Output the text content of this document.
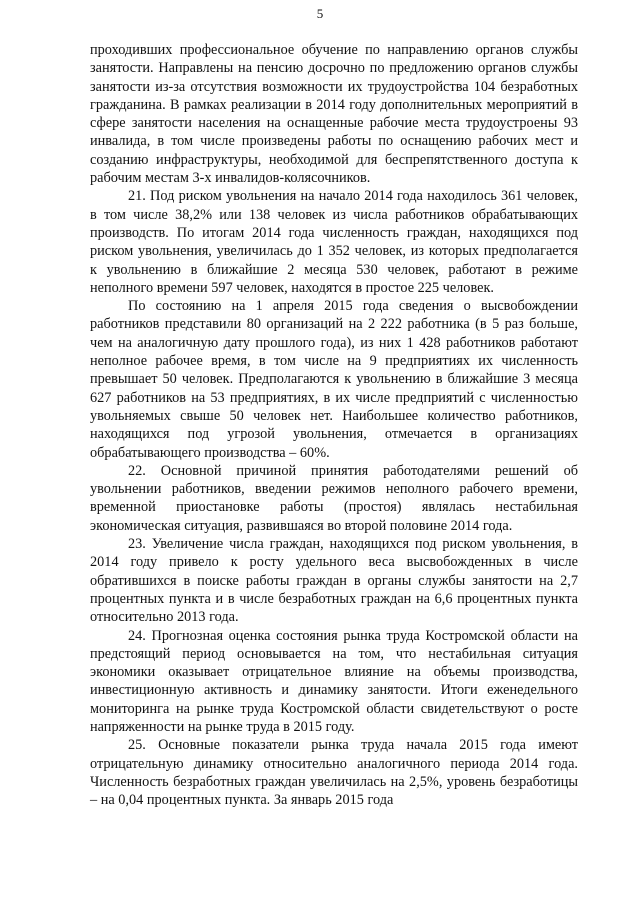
5

проходивших профессиональное обучение по направлению органов службы занятости. Направлены на пенсию досрочно по предложению органов службы занятости из-за отсутствия возможности их трудоустройства 104 безработных гражданина. В рамках реализации в 2014 году дополнительных мероприятий в сфере занятости населения на оснащенные рабочие места трудоустроены 93 инвалида, в том числе произведены работы по оснащению рабочих мест и созданию инфраструктуры, необходимой для беспрепятственного доступа к рабочим местам 3-х инвалидов-колясочников.

21. Под риском увольнения на начало 2014 года находилось 361 человек, в том числе 38,2% или 138 человек из числа работников обрабатывающих производств. По итогам 2014 года численность граждан, находящихся под риском увольнения, увеличилась до 1 352 человек, из которых предполагается к увольнению в ближайшие 2 месяца 530 человек, работают в режиме неполного времени 597 человек, находятся в простое 225 человек.

По состоянию на 1 апреля 2015 года сведения о высвобождении работников представили 80 организаций на 2 222 работника (в 5 раз больше, чем на аналогичную дату прошлого года), из них 1 428 работников работают неполное рабочее время, в том числе на 9 предприятиях их численность превышает 50 человек. Предполагаются к увольнению в ближайшие 3 месяца 627 работников на 53 предприятиях, в их числе предприятий с численностью увольняемых свыше 50 человек нет. Наибольшее количество работников, находящихся под угрозой увольнения, отмечается в организациях обрабатывающего производства – 60%.

22. Основной причиной принятия работодателями решений об увольнении работников, введении режимов неполного рабочего времени, временной приостановке работы (простоя) являлась нестабильная экономическая ситуация, развившаяся во второй половине 2014 года.

23. Увеличение числа граждан, находящихся под риском увольнения, в 2014 году привело к росту удельного веса высвобожденных в числе обратившихся в поиске работы граждан в органы службы занятости на 2,7 процентных пункта и в числе безработных граждан на 6,6 процентных пункта относительно 2013 года.

24. Прогнозная оценка состояния рынка труда Костромской области на предстоящий период основывается на том, что нестабильная ситуация экономики оказывает отрицательное влияние на объемы производства, инвестиционную активность и динамику занятости. Итоги еженедельного мониторинга на рынке труда Костромской области свидетельствуют о росте напряженности на рынке труда в 2015 году.

25. Основные показатели рынка труда начала 2015 года имеют отрицательную динамику относительно аналогичного периода 2014 года. Численность безработных граждан увеличилась на 2,5%, уровень безработицы – на 0,04 процентных пункта. За январь 2015 года
